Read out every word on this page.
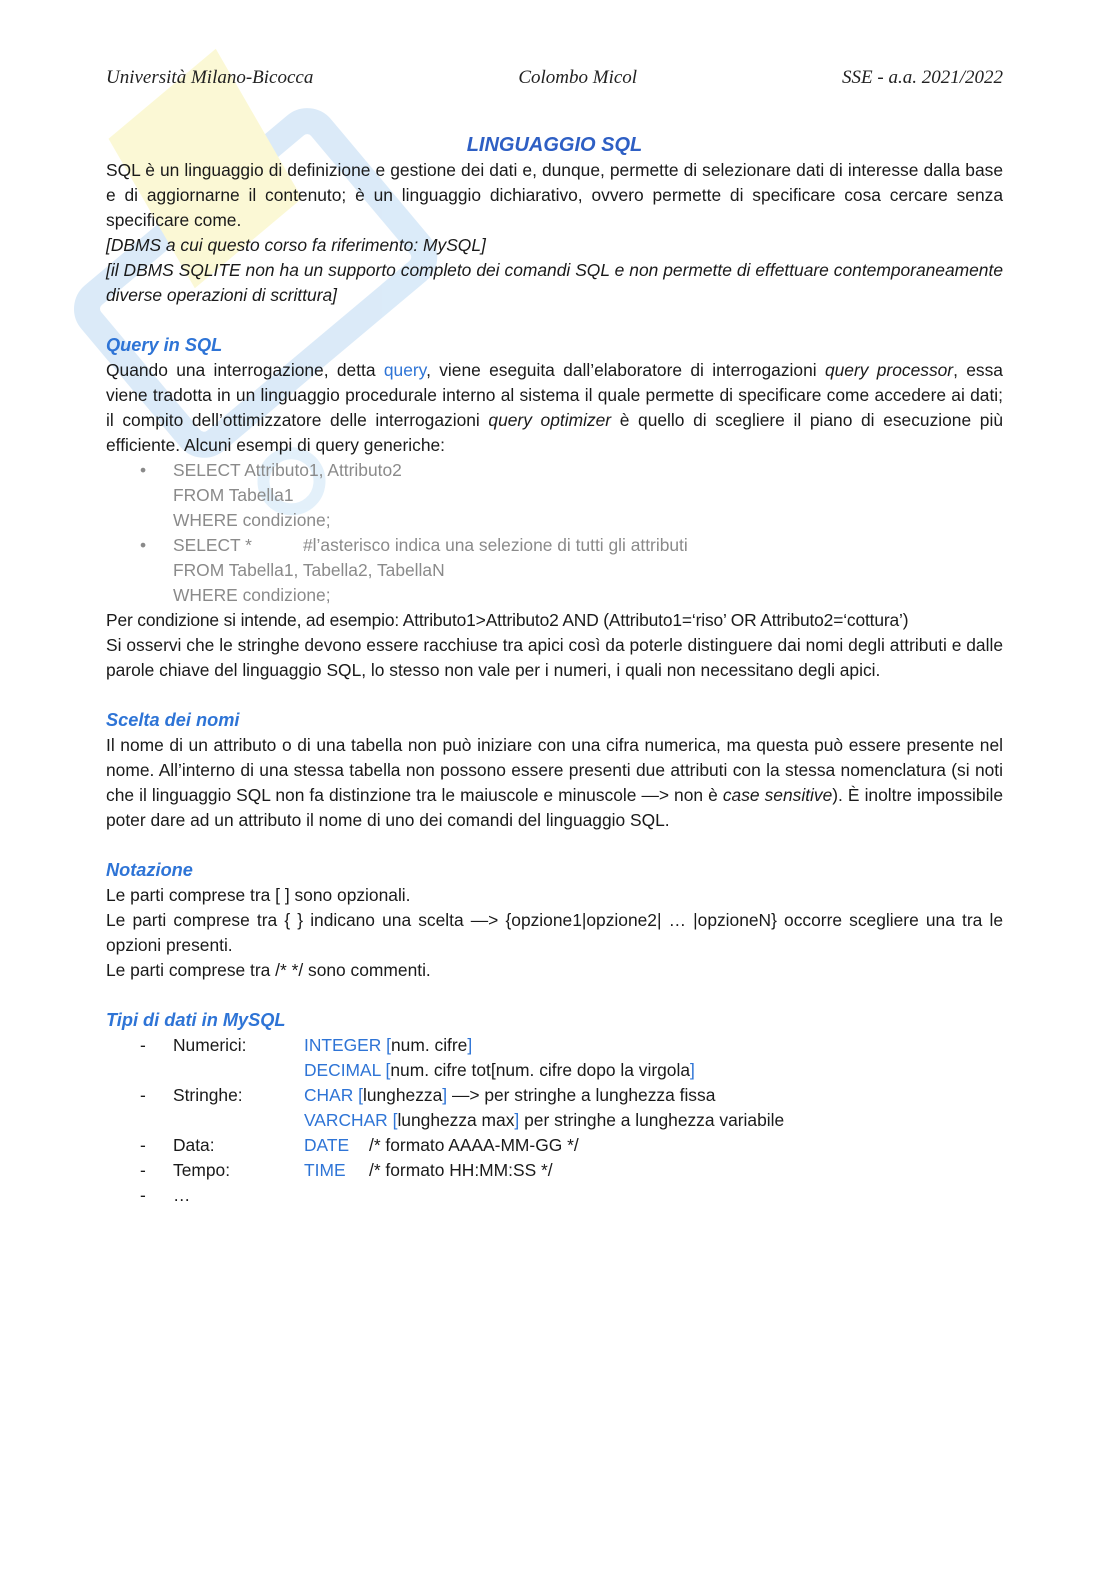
Università Milano-Bicocca	Colombo Micol	SSE - a.a. 2021/2022
LINGUAGGIO SQL

SQL è un linguaggio di definizione e gestione dei dati e, dunque, permette di selezionare dati di interesse dalla base e di aggiornarne il contenuto; è un linguaggio dichiarativo, ovvero permette di specificare cosa cercare senza specificare come.

[DBMS a cui questo corso fa riferimento: MySQL]

[il DBMS SQLITE non ha un supporto completo dei comandi SQL e non permette di effettuare contemporaneamente diverse operazioni di scrittura]

Query in SQL

Quando una interrogazione, detta query, viene eseguita dall’elaboratore di interrogazioni query processor, essa viene tradotta in un linguaggio procedurale interno al sistema il quale permette di specificare come accedere ai dati; il compito dell’ottimizzatore delle interrogazioni query optimizer è quello di scegliere il piano di esecuzione più efficiente. Alcuni esempi di query generiche:

• SELECT Attributo1, Attributo2
FROM Tabella1
WHERE condizione;
• SELECT *	#l’asterisco indica una selezione di tutti gli attributi
FROM Tabella1, Tabella2, TabellaN
WHERE condizione;

Per condizione si intende, ad esempio: Attributo1>Attributo2 AND (Attributo1=‘riso’ OR Attributo2=‘cottura’)

Si osservi che le stringhe devono essere racchiuse tra apici così da poterle distinguere dai nomi degli attributi e dalle parole chiave del linguaggio SQL, lo stesso non vale per i numeri, i quali non necessitano degli apici.

Scelta dei nomi

Il nome di un attributo o di una tabella non può iniziare con una cifra numerica, ma questa può essere presente nel nome. All’interno di una stessa tabella non possono essere presenti due attributi con la stessa nomenclatura (si noti che il linguaggio SQL non fa distinzione tra le maiuscole e minuscole —> non è case sensitive). È inoltre impossibile poter dare ad un attributo il nome di uno dei comandi del linguaggio SQL.

Notazione

Le parti comprese tra [ ] sono opzionali.

Le parti comprese tra { } indicano una scelta —> {opzione1|opzione2| … |opzioneN} occorre scegliere una tra le opzioni presenti.

Le parti comprese tra /* */ sono commenti.

Tipi di dati in MySQL
- Numerici:	INTEGER [num. cifre]
DECIMAL [num. cifre tot[num. cifre dopo la virgola]
- Stringhe:	CHAR [lunghezza] —> per stringhe a lunghezza fissa
VARCHAR [lunghezza max] per stringhe a lunghezza variabile
- Data:	DATE /* formato AAAA-MM-GG */
- Tempo:	TIME /* formato HH:MM:SS */
- …
